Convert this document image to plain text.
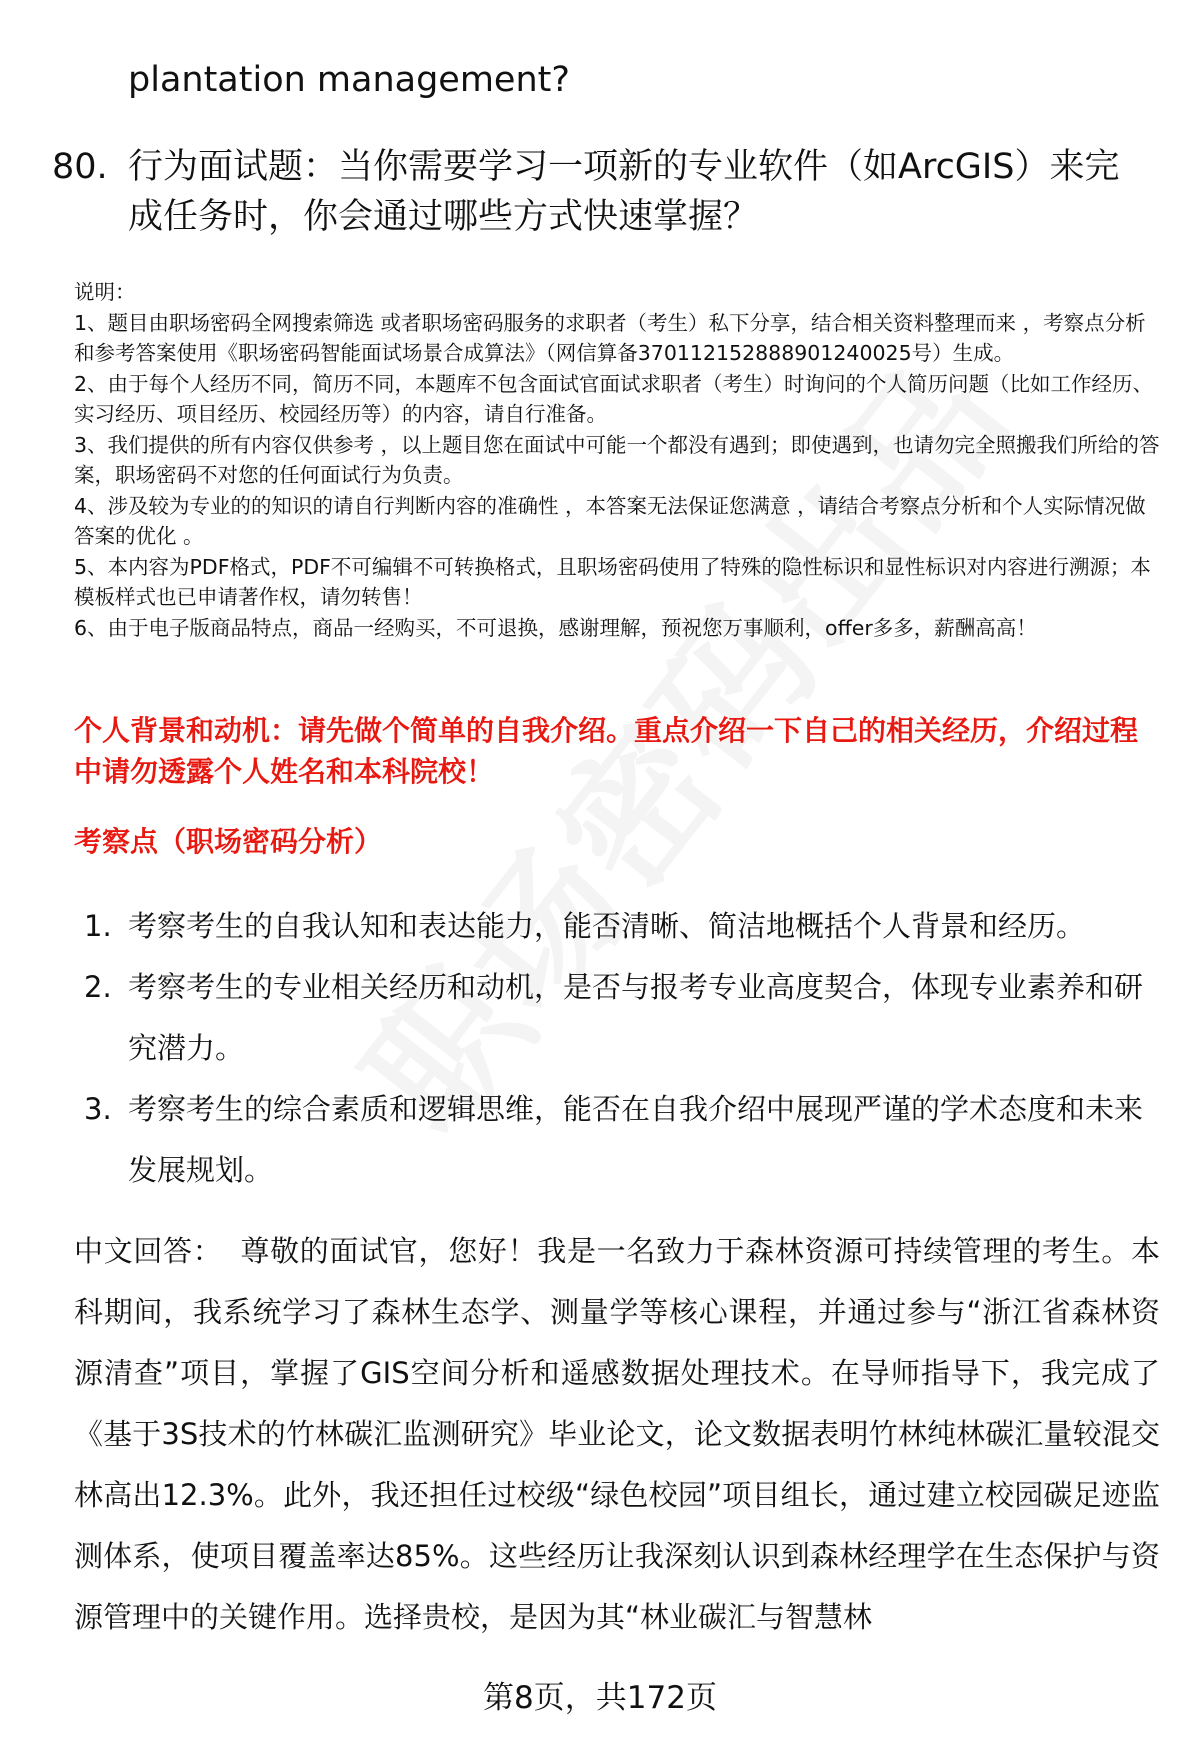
plantation management?
80. 行为面试题：当你需要学习一项新的专业软件（如ArcGIS）来完成任务时，你会通过哪些方式快速掌握？
说明：
1、题目由职场密码全网搜索筛选 或者职场密码服务的求职者（考生）私下分享，结合相关资料整理而来 ，考察点分析和参考答案使用《职场密码智能面试场景合成算法》（网信算备370112152888901240025号）生成。
2、由于每个人经历不同，简历不同，本题库不包含面试官面试求职者（考生）时询问的个人简历问题（比如工作经历、实习经历、项目经历、校园经历等）的内容，请自行准备。
3、我们提供的所有内容仅供参考 ，以上题目您在面试中可能一个都没有遇到；即使遇到，也请勿完全照搬我们所给的答案，职场密码不对您的任何面试行为负责。
4、涉及较为专业的的知识的请自行判断内容的准确性 ，本答案无法保证您满意 ，请结合考察点分析和个人实际情况做答案的优化 。
5、本内容为PDF格式，PDF不可编辑不可转换格式，且职场密码使用了特殊的隐性标识和显性标识对内容进行溯源；本模板样式也已申请著作权，请勿转售！
6、由于电子版商品特点，商品一经购买，不可退换，感谢理解，预祝您万事顺利，offer多多，薪酬高高！
个人背景和动机：请先做个简单的自我介绍。重点介绍一下自己的相关经历，介绍过程中请勿透露个人姓名和本科院校！
考察点（职场密码分析）
1. 考察考生的自我认知和表达能力，能否清晰、简洁地概括个人背景和经历。
2. 考察考生的专业相关经历和动机，是否与报考专业高度契合，体现专业素养和研究潜力。
3. 考察考生的综合素质和逻辑思维，能否在自我介绍中展现严谨的学术态度和未来发展规划。
中文回答： 尊敬的面试官，您好！我是一名致力于森林资源可持续管理的考生。本科期间，我系统学习了森林生态学、测量学等核心课程，并通过参与“浙江省森林资源清查”项目，掌握了GIS空间分析和遥感数据处理技术。在导师指导下，我完成了《基于3S技术的竹林碳汇监测研究》毕业论文，论文数据表明竹林纯林碳汇量较混交林高出12.3%。此外，我还担任过校级“绿色校园”项目组长，通过建立校园碳足迹监测体系，使项目覆盖率达85%。这些经历让我深刻认识到森林经理学在生态保护与资源管理中的关键作用。选择贵校，是因为其“林业碳汇与智慧林
第8页，共172页
